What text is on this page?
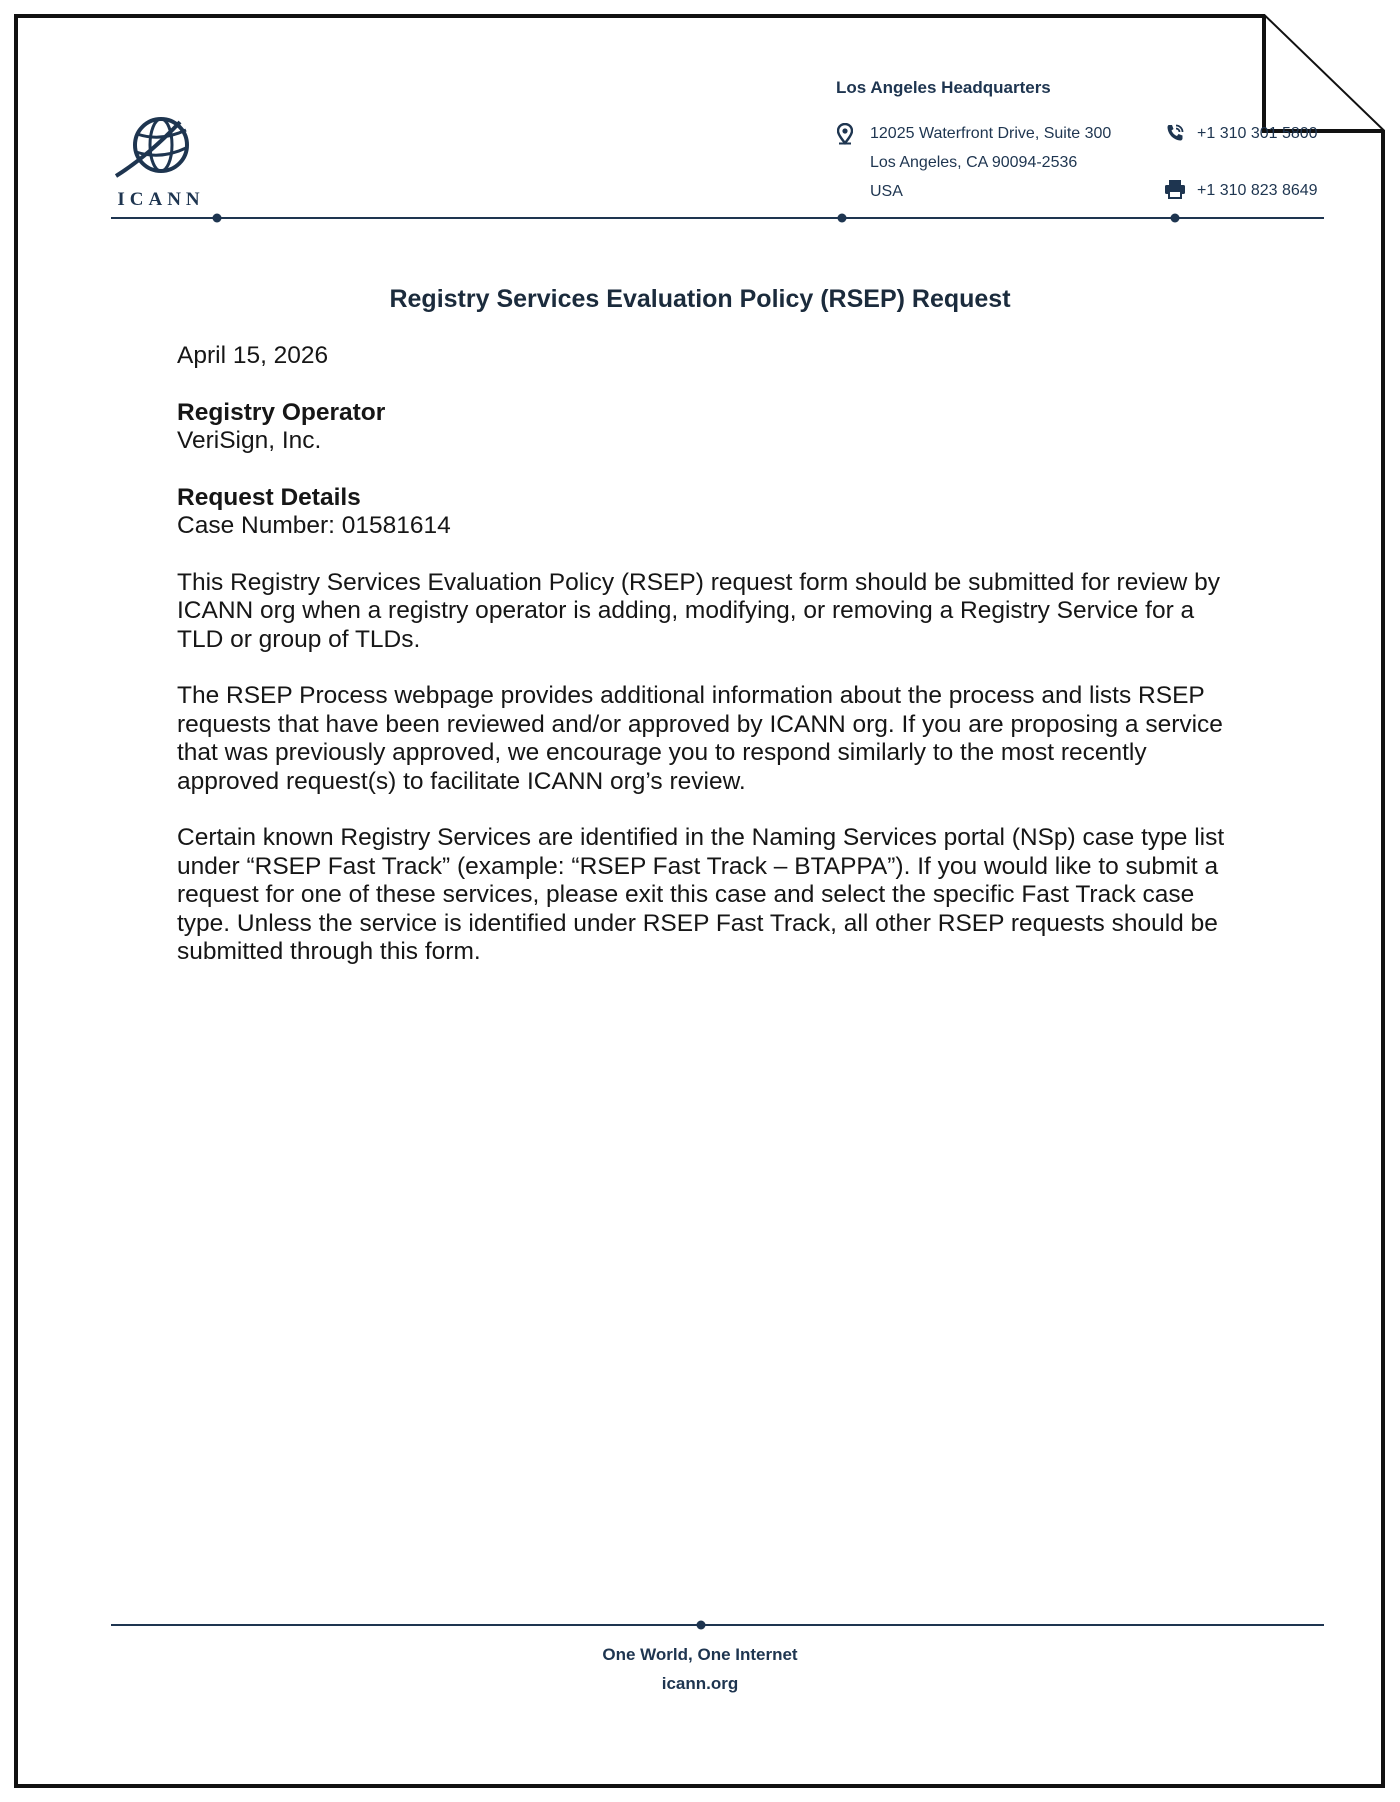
ICANN
Los Angeles Headquarters
12025 Waterfront Drive, Suite 300
Los Angeles, CA 90094-2536
USA
+1 310 301 5800
+1 310 823 8649
Registry Services Evaluation Policy (RSEP) Request

April 15, 2026

Registry Operator

VeriSign, Inc.

Request Details

Case Number: 01581614

This Registry Services Evaluation Policy (RSEP) request form should be submitted for review by ICANN org when a registry operator is adding, modifying, or removing a Registry Service for a TLD or group of TLDs.

The RSEP Process webpage provides additional information about the process and lists RSEP requests that have been reviewed and/or approved by ICANN org. If you are proposing a service that was previously approved, we encourage you to respond similarly to the most recently approved request(s) to facilitate ICANN org’s review.

Certain known Registry Services are identified in the Naming Services portal (NSp) case type list under “RSEP Fast Track” (example: “RSEP Fast Track – BTAPPA”). If you would like to submit a request for one of these services, please exit this case and select the specific Fast Track case type. Unless the service is identified under RSEP Fast Track, all other RSEP requests should be submitted through this form.

One World, One Internet
icann.org
